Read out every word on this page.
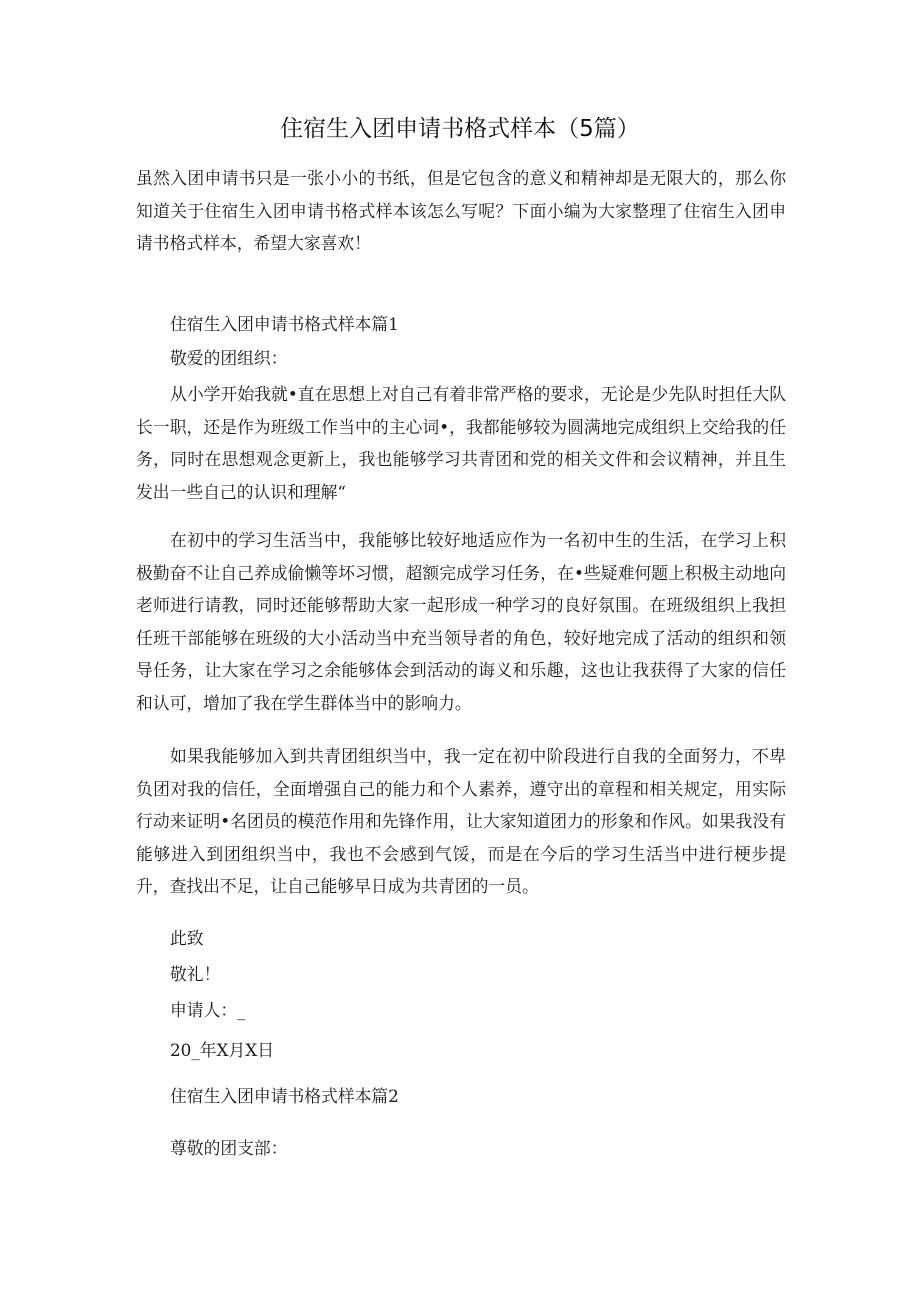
住宿生入团申请书格式样本（5篇）

虽然入团申请书只是一张小小的书纸，但是它包含的意义和精神却是无限大的，那么你知道关于住宿生入团申请书格式样本该怎么写呢？下面小编为大家整理了住宿生入团申请书格式样本，希望大家喜欢！

住宿生入团申请书格式样本篇1

敬爱的团组织：

从小学开始我就•直在思想上对自己有着非常严格的要求，无论是少先队时担任大队长一职，还是作为班级工作当中的主心词•，我都能够较为圆满地完成组织上交给我的任务，同时在思想观念更新上，我也能够学习共青团和党的相关文件和会议精神，并且生发出一些自己的认识和理解“

在初中的学习生活当中，我能够比较好地适应作为一名初中生的生活，在学习上积极勤奋不让自己养成偷懒等坏习惯，超额完成学习任务，在•些疑难何题上积极主动地向老师进行请教，同时还能够帮助大家一起形成一种学习的良好氛围。在班级组织上我担任班干部能够在班级的大小活动当中充当领导者的角色，较好地完成了活动的组织和领导任务，让大家在学习之余能够体会到活动的诲义和乐趣，这也让我获得了大家的信任和认可，增加了我在学生群体当中的影响力。

如果我能够加入到共青团组织当中，我一定在初中阶段进行自我的全面努力，不卑负团对我的信任，全面增强自己的能力和个人素养，遵守出的章程和相关规定，用实际行动来证明•名团员的模范作用和先锋作用，让大家知道团力的形象和作风。如果我没有能够进入到团组织当中，我也不会感到气馁，而是在今后的学习生活当中进行梗步提升，查找出不足，让自己能够早日成为共青团的一员。

此致

敬礼！

申请人：_

20_年X月X日

住宿生入团申请书格式样本篇2

尊敬的团支部：
